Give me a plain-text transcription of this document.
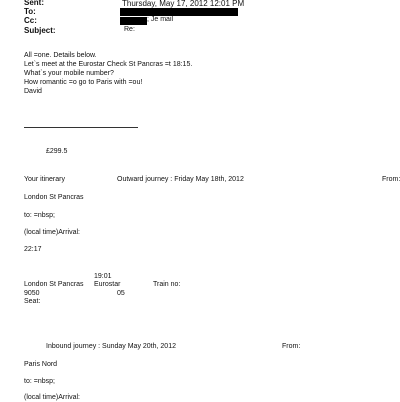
Sent:	Thursday, May 17, 2012 12:01 PM
To:
Cc:	; Je mail
Subject:	Re:
All =one. Details below.
Let`s meet at the Eurostar Check St Pancras =t 18:15.
What`s your mobile number?
How romantic =o go to Paris with =ou!
David
£299.5
Your itinerary	Outward journey : Friday May 18th, 2012	From:
London St Pancras
to: =nbsp;
(local time)Arrival:
22:17
19:01
London St Pancras Eurostar	Train no:
9050	05
Seat:
Inbound journey : Sunday May 20th, 2012	From:
Paris Nord
to: =nbsp;
(local time)Arrival:
